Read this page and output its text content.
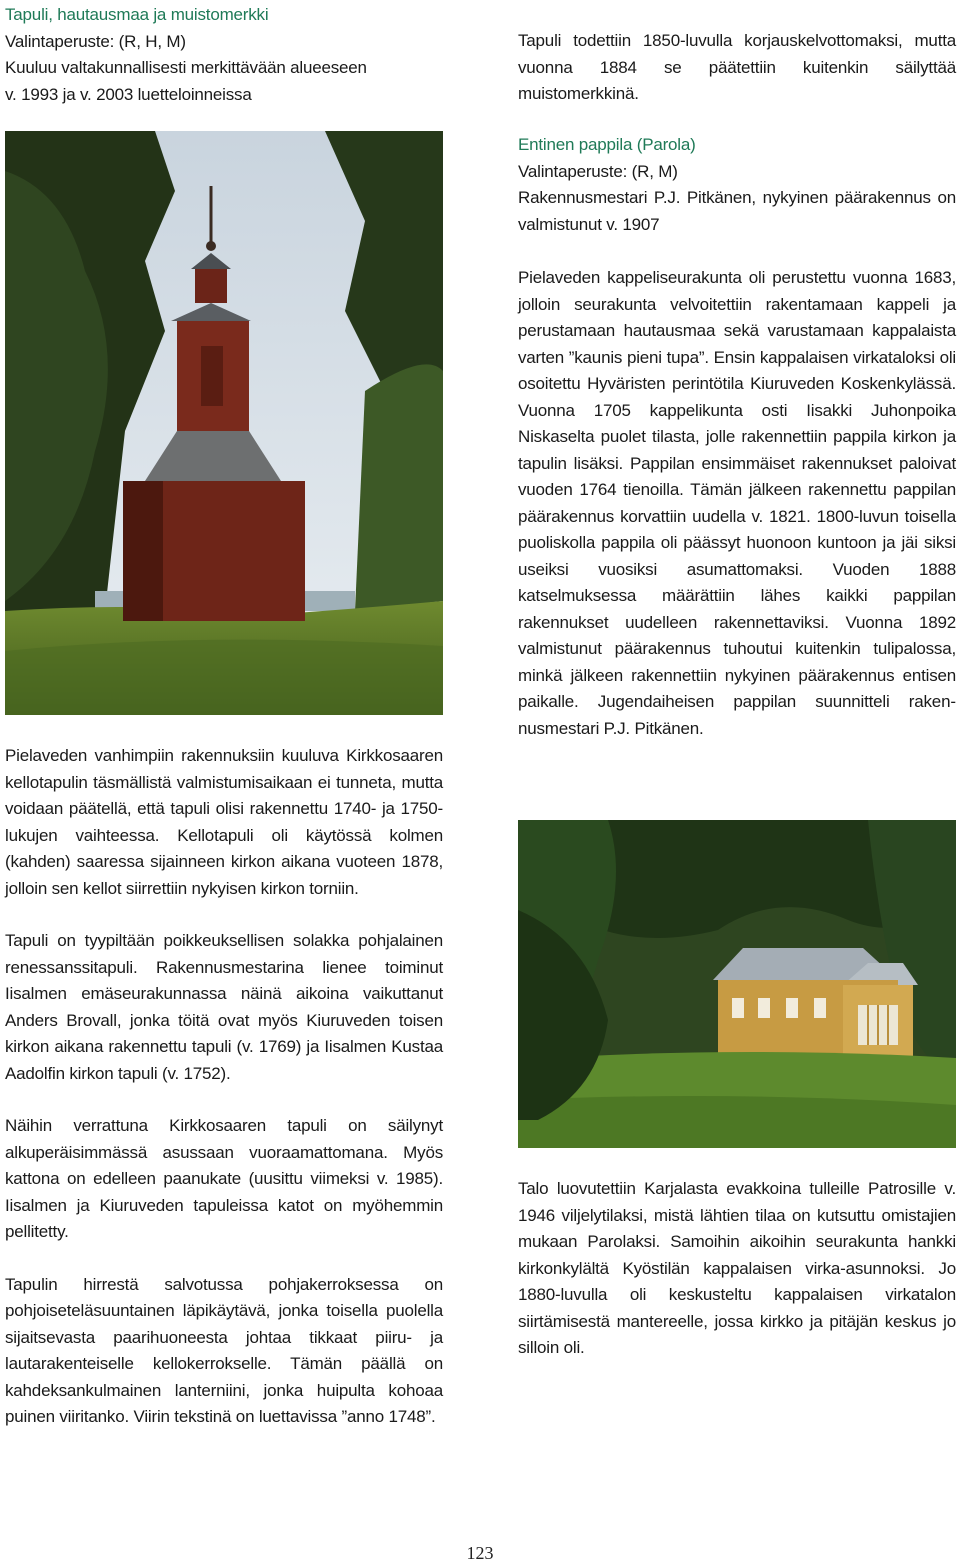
Tapuli, hautausmaa ja muistomerkki

Valintaperuste: (R, H, M)

Kuuluu valtakunnallisesti merkittävään alueeseen

v. 1993 ja v. 2003 luetteloinneissa

Pielaveden vanhimpiin rakennuksiin kuuluva Kirkkosaaren kellotapulin täsmällistä valmistumisaikaan ei tunneta, mutta voidaan päätellä, että tapuli olisi rakennettu 1740- ja 1750-lukujen vaihteessa. Kellotapuli oli käytössä kolmen (kahden) saaressa sijainneen kirkon aikana vuoteen 1878, jolloin sen kellot siirrettiin nykyisen kirkon torniin.

Tapuli on tyypiltään poikkeuksellisen solakka pohjalainen renessanssitapuli. Rakennusmestarina lienee toiminut Iisalmen emäseurakunnassa näinä aikoina vaikuttanut Anders Brovall, jonka töitä ovat myös Kiuruveden toisen kirkon aikana rakennettu tapuli (v. 1769) ja Iisalmen Kustaa Aadolfin kirkon tapuli (v. 1752).

Näihin verrattuna Kirkkosaaren tapuli on säilynyt alkuperäisimmässä asussaan vuoraamattomana. Myös kattona on edelleen paanukate (uusittu viimeksi v. 1985). Iisalmen ja Kiuruveden tapuleissa katot on myöhemmin pellitetty.

Tapulin hirrestä salvotussa pohjakerroksessa on pohjoiseteläsuuntainen läpikäytävä, jonka toisella puolella sijaitsevasta paarihuoneesta johtaa tikkaat piiru- ja lautarakenteiselle kellokerrokselle. Tämän päällä on kahdeksankulmainen lanterniini, jonka huipulta kohoaa puinen viiritanko. Viirin tekstinä on luettavissa ”anno 1748”.

Tapuli todettiin 1850-luvulla korjauskelvottomaksi, mutta vuonna 1884 se päätettiin kuitenkin säilyttää muistomerkkinä.

Entinen pappila (Parola)

Valintaperuste: (R, M)

Rakennusmestari P.J. Pitkänen, nykyinen päärakennus on valmistunut v. 1907

Pielaveden kappeliseurakunta oli perustettu vuonna 1683, jolloin seurakunta velvoitettiin rakentamaan kappeli ja perustamaan hautausmaa sekä varustamaan kappalaista varten ”kaunis pieni tupa”. Ensin kappalaisen virkataloksi oli osoitettu Hyväristen perintötila Kiuruveden Koskenkylässä. Vuonna 1705 kappelikunta osti Iisakki Juhonpoika Niskaselta puolet tilasta, jolle rakennettiin pappila kirkon ja tapulin lisäksi. Pappilan ensimmäiset rakennukset paloivat vuoden 1764 tienoilla. Tämän jälkeen rakennettu pappilan päärakennus korvattiin uudella v. 1821. 1800-luvun toisella puoliskolla pappila oli päässyt huonoon kuntoon ja jäi siksi useiksi vuosiksi asumattomaksi. Vuoden 1888 katselmuksessa määrättiin lähes kaikki pappilan rakennukset uudelleen rakennettaviksi. Vuonna 1892 valmistunut päärakennus tuhoutui kuitenkin tulipalossa, minkä jälkeen rakennettiin nykyinen päärakennus entisen paikalle. Jugendaiheisen pappilan suunnitteli rakennusmestari P.J. Pitkänen.

Talo luovutettiin Karjalasta evakkoina tulleille Patrosille v. 1946 viljelytilaksi, mistä lähtien tilaa on kutsuttu omistajien mukaan Parolaksi. Samoihin aikoihin seurakunta hankki kirkonkylältä Kyöstilän kappalaisen virka-asunnoksi. Jo 1880-luvulla oli keskusteltu kappalaisen virkatalon siirtämisestä mantereelle, jossa kirkko ja pitäjän keskus jo silloin oli.

123
